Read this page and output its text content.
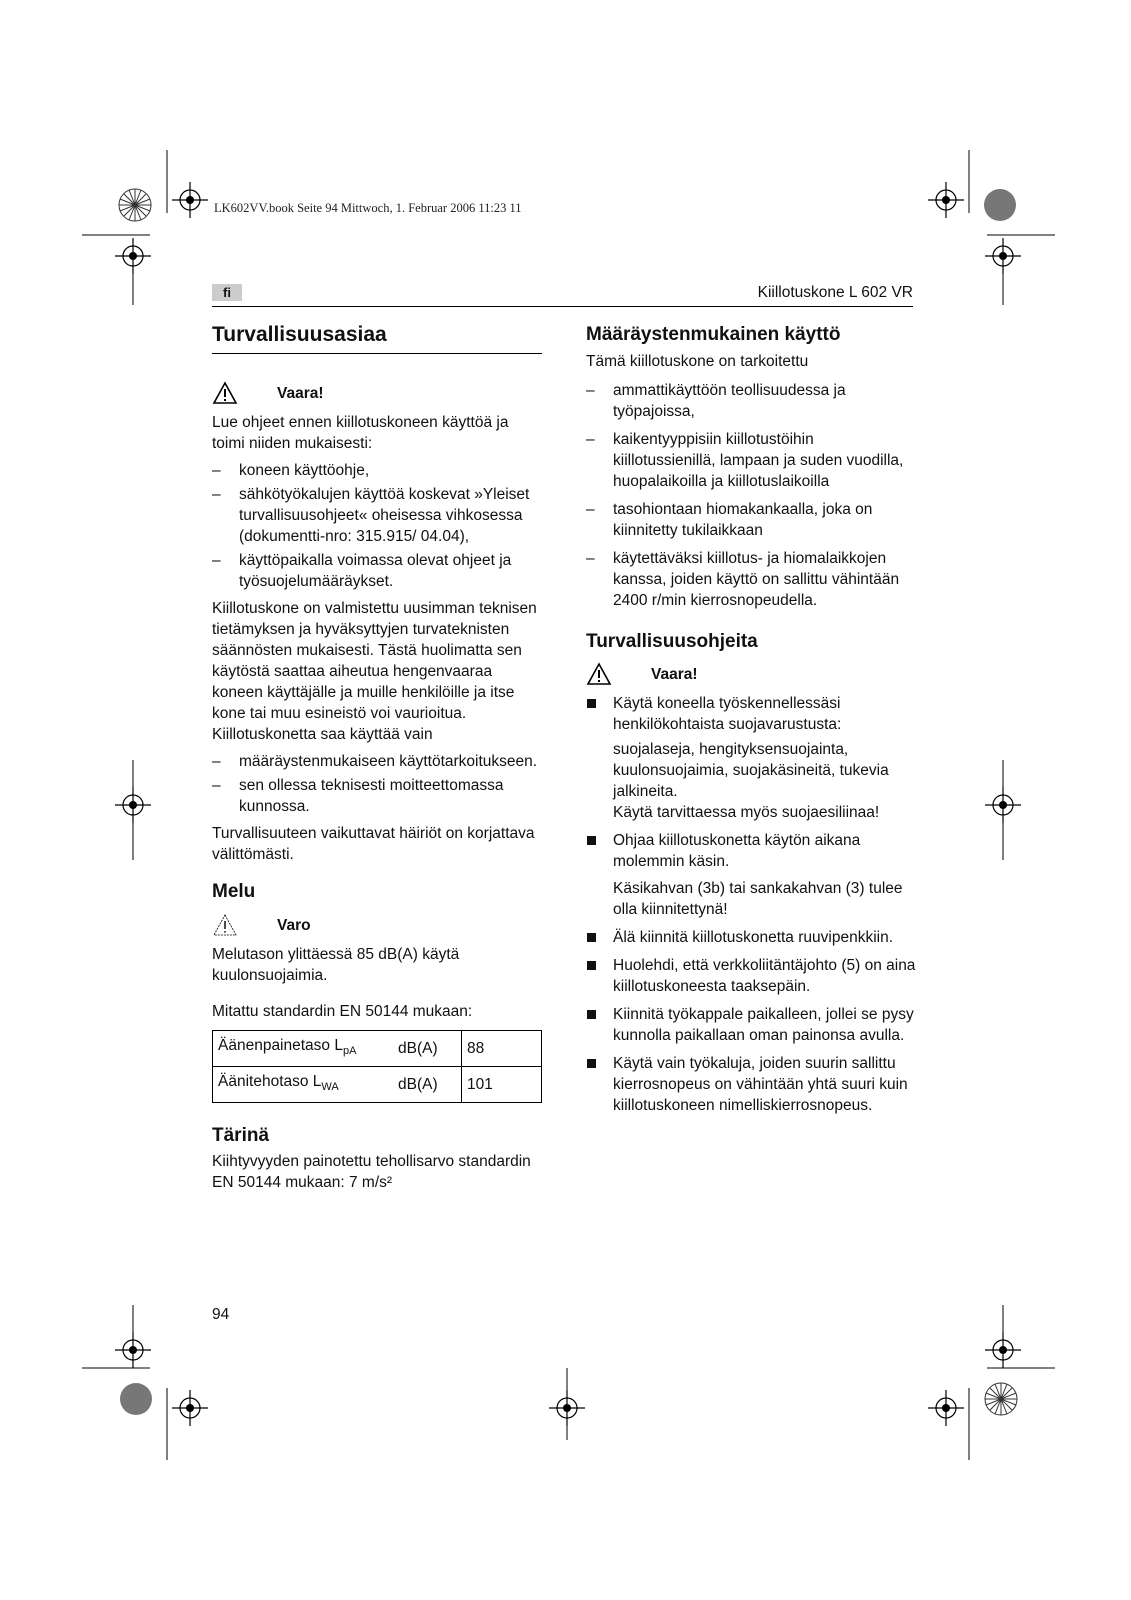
LK602VV.book Seite 94 Mittwoch, 1. Februar 2006 11:23 11
fi	Kiillotuskone L 602 VR
Turvallisuusasiaa
Vaara!

Lue ohjeet ennen kiillotuskoneen käyttöä ja toimi niiden mukaisesti:

– koneen käyttöohje,
– sähkötyökalujen käyttöä koskevat »Yleiset turvallisuusohjeet« oheisessa vihkosessa (dokumentti-nro: 315.915/ 04.04),
– käyttöpaikalla voimassa olevat ohjeet ja työsuojelumääräykset.

Kiillotuskone on valmistettu uusimman teknisen tietämyksen ja hyväksyttyjen turvateknisten säännösten mukaisesti. Tästä huolimatta sen käytöstä saattaa aiheutua hengenvaaraa koneen käyttäjälle ja muille henkilöille ja itse kone tai muu esineistö voi vaurioitua. Kiillotuskonetta saa käyttää vain

– määräystenmukaiseen käyttötarkoitukseen.
– sen ollessa teknisesti moitteettomassa kunnossa.

Turvallisuuteen vaikuttavat häiriöt on korjattava välittömästi.

Melu
Varo

Melutason ylittäessä 85 dB(A) käytä kuulonsuojaimia.

Mitattu standardin EN 50144 mukaan:

Äänenpainetaso $L_{pA}$	dB(A)	88
Äänitehotaso $L_{WA}$	dB(A)	101
Tärinä

Kiihtyvyyden painotettu tehollisarvo standardin EN 50144 mukaan: 7 m/s²

Määräystenmukainen käyttö

Tämä kiillotuskone on tarkoitettu

– ammattikäyttöön teollisuudessa ja työpajoissa,
– kaikentyyppisiin kiillotustöihin kiillotussienillä, lampaan ja suden vuodilla, huopalaikoilla ja kiillotuslaikoilla
– tasohiontaan hiomakankaalla, joka on kiinnitetty tukilaikkaan
– käytettäväksi kiillotus- ja hiomalaikkojen kanssa, joiden käyttö on sallittu vähintään 2400 r/min kierrosnopeudella.
Turvallisuusohjeita
Vaara!

Käytä koneella työskennellessäsi henkilökohtaista suojavarustusta:

suojalaseja, hengityksensuojainta, kuulonsuojaimia, suojakäsineitä, tukevia jalkineita.

Käytä tarvittaessa myös suojaesiliinaa!

Ohjaa kiillotuskonetta käytön aikana molemmin käsin.

Käsikahvan (3b) tai sankakahvan (3) tulee olla kiinnitettynä!

Älä kiinnitä kiillotuskonetta ruuvipenkkiin.

Huolehdi, että verkkoliitäntäjohto (5) on aina kiillotuskoneesta taaksepäin.

Kiinnitä työkappale paikalleen, jollei se pysy kunnolla paikallaan oman painonsa avulla.

Käytä vain työkaluja, joiden suurin sallittu kierrosnopeus on vähintään yhtä suuri kuin kiillotuskoneen nimelliskierrosnopeus.

94
